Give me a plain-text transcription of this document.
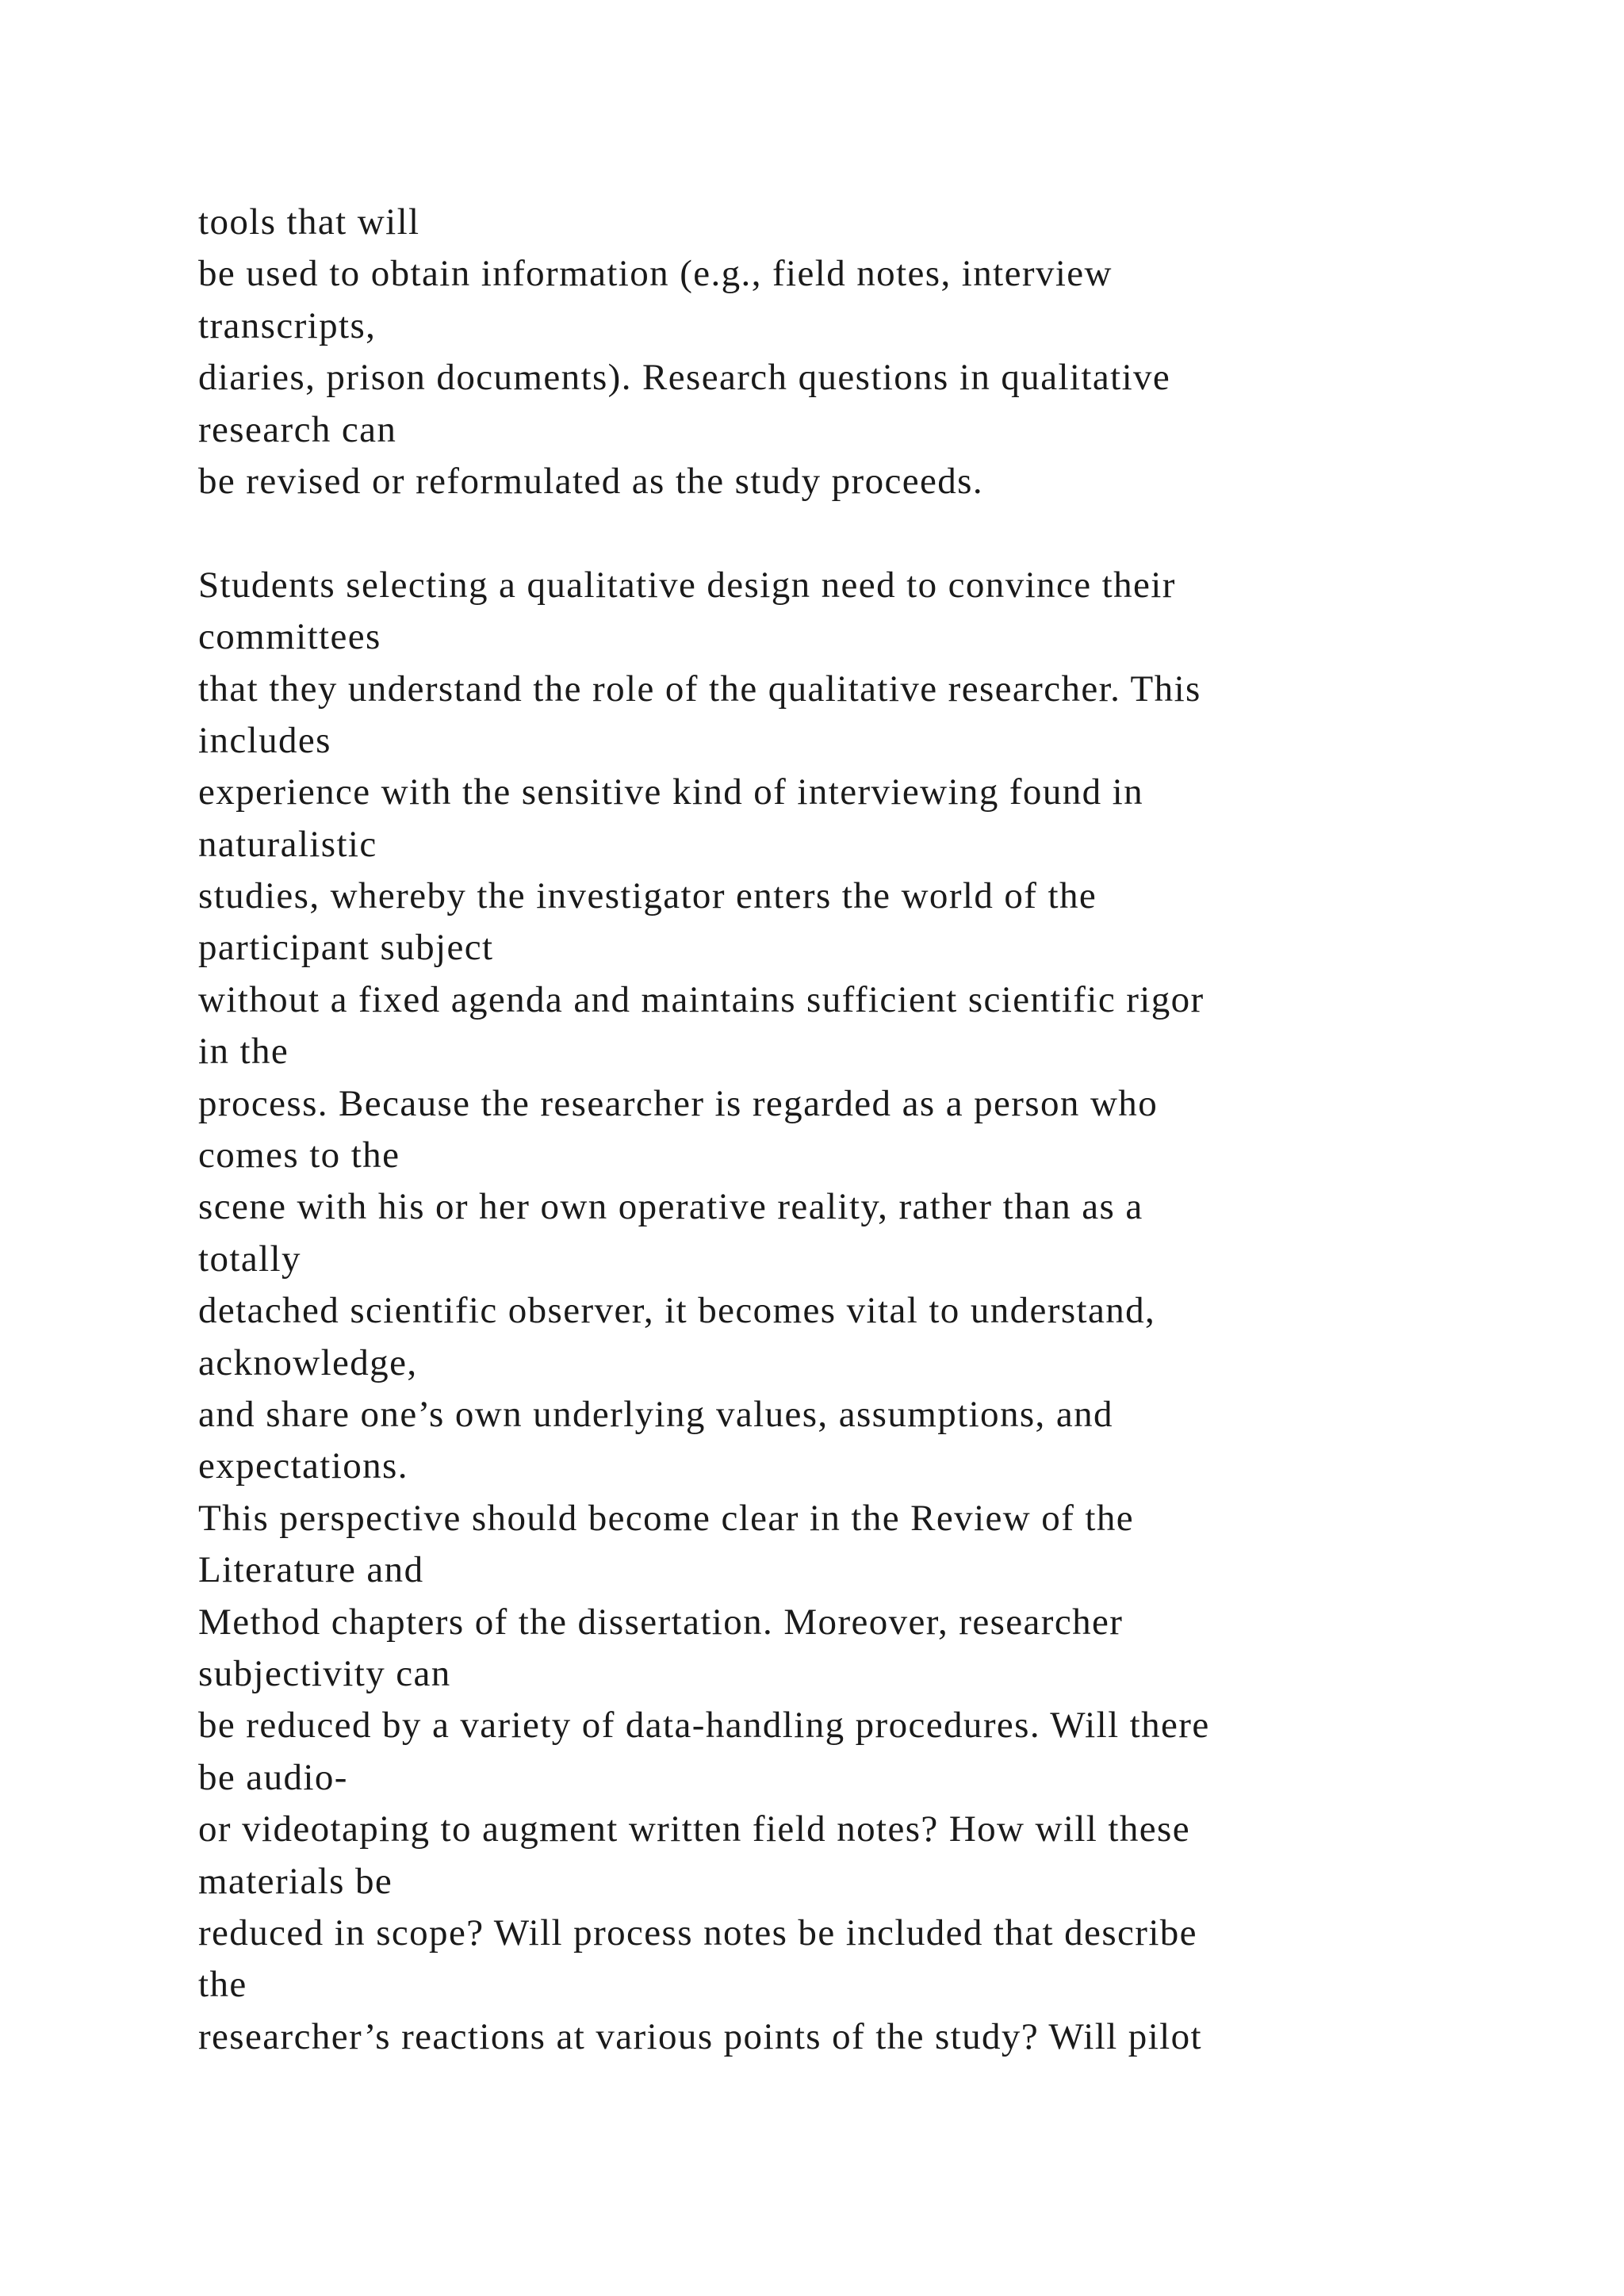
tools that will
be used to obtain information (e.g., field notes, interview
transcripts,
diaries, prison documents). Research questions in qualitative
research can
be revised or reformulated as the study proceeds.
Students selecting a qualitative design need to convince their
committees
that they understand the role of the qualitative researcher. This
includes
experience with the sensitive kind of interviewing found in
naturalistic
studies, whereby the investigator enters the world of the
participant subject
without a fixed agenda and maintains sufficient scientific rigor
in the
process. Because the researcher is regarded as a person who
comes to the
scene with his or her own operative reality, rather than as a
totally
detached scientific observer, it becomes vital to understand,
acknowledge,
and share one’s own underlying values, assumptions, and
expectations.
This perspective should become clear in the Review of the
Literature and
Method chapters of the dissertation. Moreover, researcher
subjectivity can
be reduced by a variety of data-handling procedures. Will there
be audio-
or videotaping to augment written field notes? How will these
materials be
reduced in scope? Will process notes be included that describe
the
researcher’s reactions at various points of the study? Will pilot
